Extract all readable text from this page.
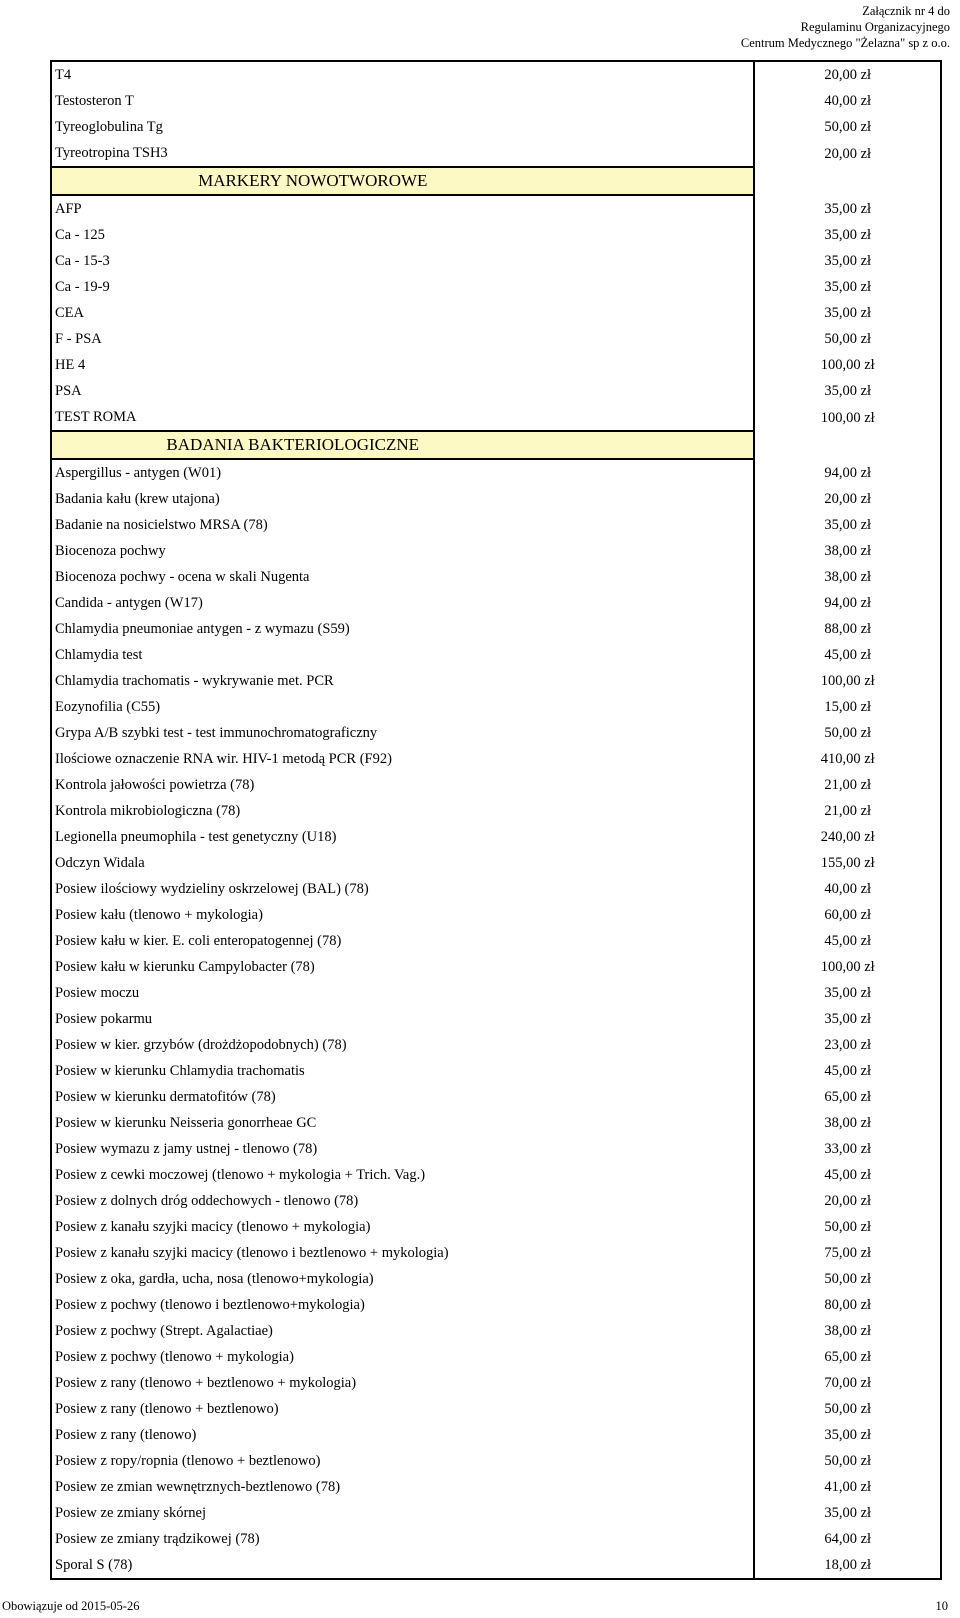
Załącznik nr 4 do
Regulaminu Organizacyjnego
Centrum Medycznego "Żelazna" sp z o.o.
T4	20,00 zł
Testosteron T	40,00 zł
Tyreoglobulina Tg	50,00 zł
Tyreotropina TSH3	20,00 zł
MARKERY NOWOTWOROWE	
AFP	35,00 zł
Ca - 125	35,00 zł
Ca - 15-3	35,00 zł
Ca - 19-9	35,00 zł
CEA	35,00 zł
F - PSA	50,00 zł
HE 4	100,00 zł
PSA	35,00 zł
TEST ROMA	100,00 zł
BADANIA BAKTERIOLOGICZNE	
Aspergillus - antygen (W01)	94,00 zł
Badania kału (krew utajona)	20,00 zł
Badanie na nosicielstwo MRSA (78)	35,00 zł
Biocenoza pochwy	38,00 zł
Biocenoza pochwy - ocena w skali Nugenta	38,00 zł
Candida - antygen (W17)	94,00 zł
Chlamydia pneumoniae antygen - z wymazu (S59)	88,00 zł
Chlamydia test	45,00 zł
Chlamydia trachomatis - wykrywanie met. PCR	100,00 zł
Eozynofilia (C55)	15,00 zł
Grypa A/B szybki test - test immunochromatograficzny	50,00 zł
Ilościowe oznaczenie RNA wir. HIV-1 metodą PCR (F92)	410,00 zł
Kontrola jałowości powietrza (78)	21,00 zł
Kontrola mikrobiologiczna (78)	21,00 zł
Legionella pneumophila - test genetyczny (U18)	240,00 zł
Odczyn Widala	155,00 zł
Posiew ilościowy wydzieliny oskrzelowej (BAL) (78)	40,00 zł
Posiew kału (tlenowo + mykologia)	60,00 zł
Posiew kału w kier. E. coli enteropatogennej (78)	45,00 zł
Posiew kału w kierunku Campylobacter (78)	100,00 zł
Posiew moczu	35,00 zł
Posiew pokarmu	35,00 zł
Posiew w kier. grzybów (drożdżopodobnych) (78)	23,00 zł
Posiew w kierunku Chlamydia trachomatis	45,00 zł
Posiew w kierunku dermatofitów (78)	65,00 zł
Posiew w kierunku Neisseria gonorrheae GC	38,00 zł
Posiew wymazu z jamy ustnej - tlenowo (78)	33,00 zł
Posiew z cewki moczowej (tlenowo + mykologia + Trich. Vag.)	45,00 zł
Posiew z dolnych dróg oddechowych - tlenowo (78)	20,00 zł
Posiew z kanału szyjki macicy (tlenowo + mykologia)	50,00 zł
Posiew z kanału szyjki macicy (tlenowo i beztlenowo + mykologia)	75,00 zł
Posiew z oka, gardła, ucha, nosa (tlenowo+mykologia)	50,00 zł
Posiew z pochwy (tlenowo i beztlenowo+mykologia)	80,00 zł
Posiew z pochwy (Strept. Agalactiae)	38,00 zł
Posiew z pochwy (tlenowo + mykologia)	65,00 zł
Posiew z rany (tlenowo + beztlenowo + mykologia)	70,00 zł
Posiew z rany (tlenowo + beztlenowo)	50,00 zł
Posiew z rany (tlenowo)	35,00 zł
Posiew z ropy/ropnia (tlenowo + beztlenowo)	50,00 zł
Posiew ze zmian wewnętrznych-beztlenowo (78)	41,00 zł
Posiew ze zmiany skórnej	35,00 zł
Posiew ze zmiany trądzikowej (78)	64,00 zł
Sporal S (78)	18,00 zł
Obowiązuje od 2015-05-26	10
